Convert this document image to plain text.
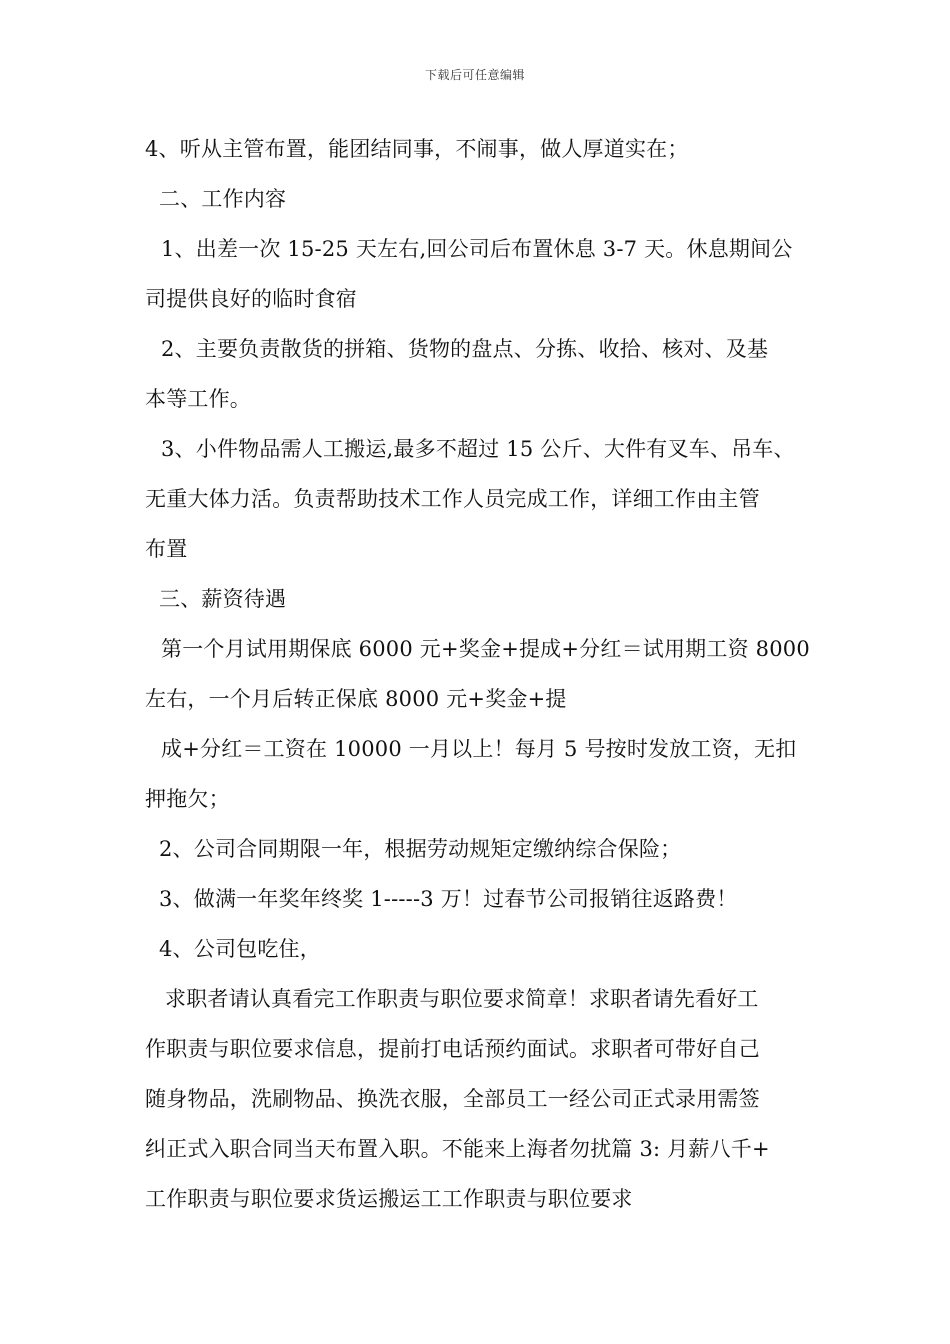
下载后可任意编辑
4、听从主管布置，能团结同事，不闹事，做人厚道实在；
二、工作内容
1、出差一次 15-25 天左右,回公司后布置休息 3-7 天。休息期间公
司提供良好的临时食宿
2、主要负责散货的拼箱、货物的盘点、分拣、收拾、核对、及基
本等工作。
3、小件物品需人工搬运,最多不超过 15 公斤、大件有叉车、吊车、
无重大体力活。负责帮助技术工作人员完成工作，详细工作由主管
布置
三、薪资待遇
第一个月试用期保底 6000 元+奖金+提成+分红＝试用期工资 8000
左右，一个月后转正保底 8000 元+奖金+提
成+分红＝工资在 10000 一月以上！每月 5 号按时发放工资，无扣
押拖欠；
2、公司合同期限一年，根据劳动规矩定缴纳综合保险；
3、做满一年奖年终奖 1-----3 万！过春节公司报销往返路费！
4、公司包吃住，
求职者请认真看完工作职责与职位要求简章！求职者请先看好工
作职责与职位要求信息，提前打电话预约面试。求职者可带好自己
随身物品，洗刷物品、换洗衣服，全部员工一经公司正式录用需签
纠正式入职合同当天布置入职。不能来上海者勿扰篇 3: 月薪八千+
工作职责与职位要求货运搬运工工作职责与职位要求
